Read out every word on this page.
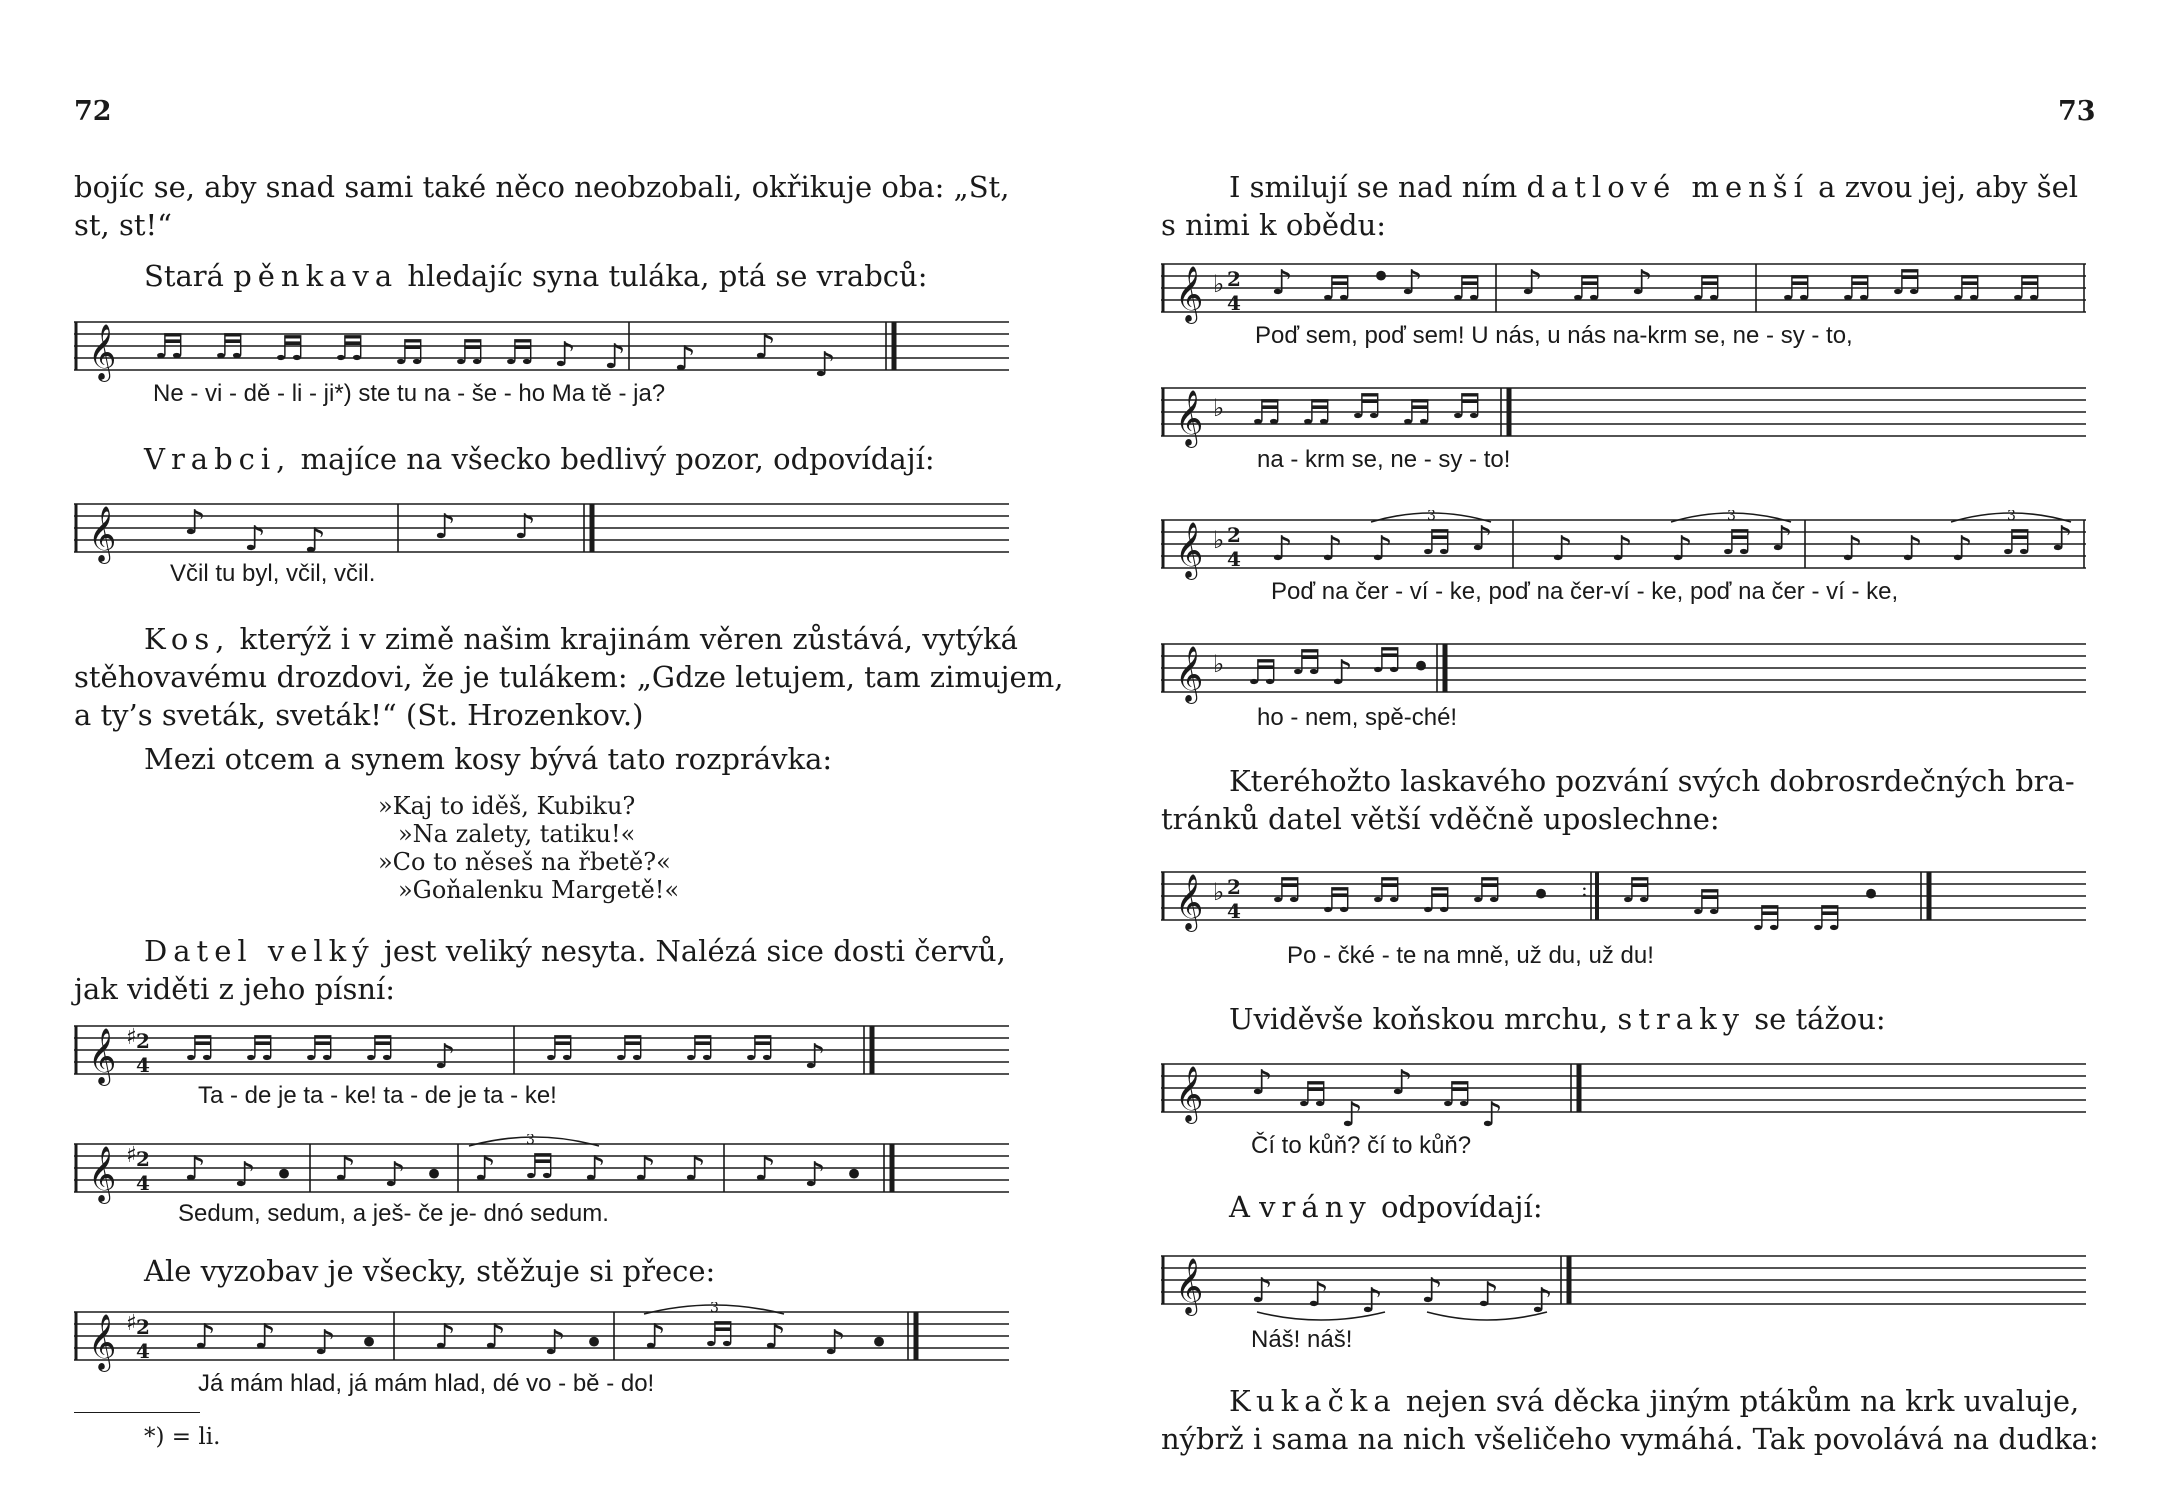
72
bojíc se, aby snad sami také něco neobzobali, okřikuje oba: „St,
st, st!“
Stará pěnkava hledajíc syna tuláka, ptá se vrabců:
𝄞 ♬ ♬ ♬ ♬ ♬ ♬ ♬ ♪ ♪ ♪ ♪ ♪
Ne - vi - dě - li - ji*) ste tu na - še - ho Ma tě - ja?
Vrabci, majíce na všecko bedlivý pozor, odpovídají:
𝄞 ♪ ♪ ♪	♪ ♪
Včil tu byl, včil, včil.
Kos, kterýž i v zimě našim krajinám věren zůstává, vytýká
stěhovavému drozdovi, že je tulákem: „Gdze letujem, tam zimujem,
a ty’s sveták, sveták!“ (St. Hrozenkov.)
Mezi otcem a synem kosy bývá tato rozprávka:
»Kaj to iděš, Kubiku?
»Na zalety, tatiku!«
»Co to něseš na řbetě?«
»Goňalenku Margetě!«
Datel velký jest veliký nesyta. Nalézá sice dosti červů,
jak viděti z jeho písní:
𝄞 ♯ 2
4 ♬ ♬ ♬ ♬ ♪	♬ ♬ ♬ ♬ ♪
Ta - de je ta - ke! ta - de je ta - ke!
𝄞 ♯ 2
4
3
♪ ♪ • ♪ ♪ • ♪ ♬ ♪ ♪ ♪ ♪ ♪ •
Sedum, sedum, a ješ- če je- dnó sedum.
Ale vyzobav je všecky, stěžuje si přece:
𝄞 ♯ 2
4
3
♪ ♪ ♪ • ♪ ♪ ♪ • ♪ ♬ ♪ ♪ •
Já mám hlad, já mám hlad, dé vo - bě - do!
*) = li.
73
I smilují se nad ním datlové menší a zvou jej, aby šel
s nimi k obědu:
𝄞 ♭ 2
4 ♪ ♬ • ♪ ♬ ♪ ♬ ♪ ♬ ♬ ♬ ♬ ♬ ♬
Poď sem, poď sem! U nás, u nás na-krm se, ne - sy - to,
𝄞 ♭ ♬ ♬ ♬ ♬ ♬
na - krm se, ne - sy - to!
𝄞 ♭ 2
4
3	3	3
♪ ♪ ♪ ♬ ♪ ♪ ♪ ♪ ♬ ♪ ♪ ♪ ♪ ♬ ♪
Poď na čer - ví - ke, poď na čer-ví - ke, poď na čer - ví - ke,
𝄞 ♭ ♬ ♬ ♪ ♬ •
ho - nem, spě-ché!
Kteréhožto laskavého pozvání svých dobrosrdečných bra-
tránků datel větší vděčně uposlechne:
:
𝄞 ♭ 2
4 ♬ ♬ ♬ ♬ ♬ • ♬ ♬ ♬ ♬
•
Po - čké - te na mně, už du, už du!
Uviděvše koňskou mrchu, straky se tážou:
𝄞 ♪ ♬ ♪
♪ ♬ ♪
Čí to kůň? čí to kůň?
A vrány odpovídají:
𝄞 ♪ ♪ ♪ ♪ ♪ ♪
Náš! náš!
Kukačka nejen svá děcka jiným ptákům na krk uvaluje,
nýbrž i sama na nich všeličeho vymáhá. Tak povolává na dudka:
